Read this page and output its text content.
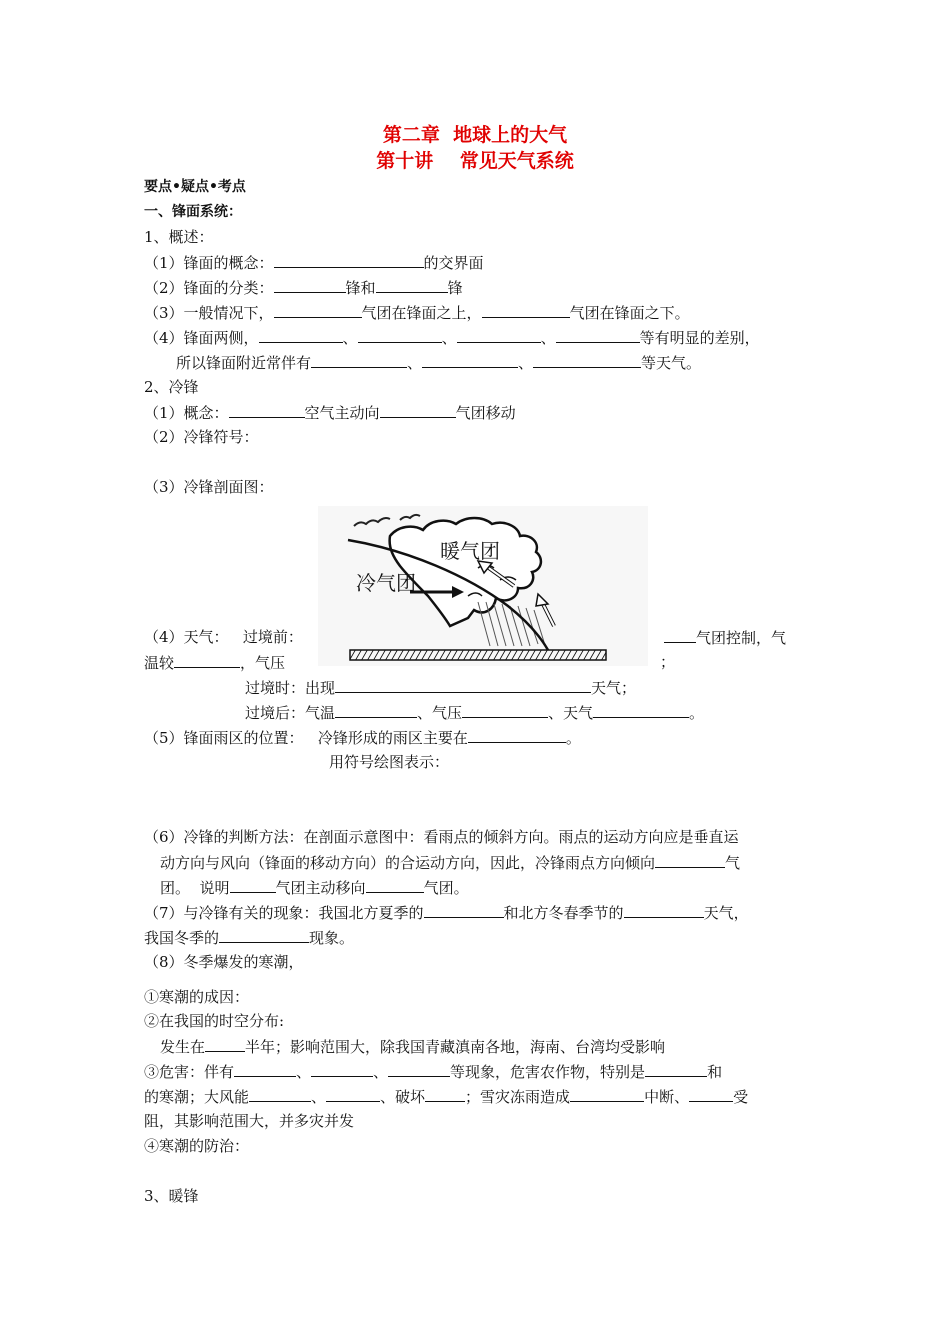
第二章  地球上的大气
第十讲    常见天气系统
要点•疑点•考点
一、锋面系统：
1、概述：
（1）锋面的概念：	的交界面
（2）锋面的分类：	锋和	锋
（3）一般情况下，	气团在锋面之上，	气团在锋面之下。
（4）锋面两侧，	、	、	、	等有明显的差别，
所以锋面附近常伴有	、	、	等天气。
2、冷锋
（1）概念：	空气主动向	气团移动
（2）冷锋符号：
（3）冷锋剖面图：
暖气团
冷气团
（4）天气：   过境前：	气团控制，气
温较	，气压	；
过境时：出现	天气；
过境后：气温	、气压	、天气	。
（5）锋面雨区的位置：   冷锋形成的雨区主要在	。
用符号绘图表示：
（6）冷锋的判断方法：在剖面示意图中：看雨点的倾斜方向。雨点的运动方向应是垂直运
动方向与风向（锋面的移动方向）的合运动方向，因此，冷锋雨点方向倾向	气
团。  说明	气团主动移向	气团。
（7）与冷锋有关的现象：我国北方夏季的	和北方冬春季节的	天气，
我国冬季的	现象。
（8）冬季爆发的寒潮，
①寒潮的成因：
②在我国的时空分布:
发生在	半年；影响范围大，除我国青藏滇南各地，海南、台湾均受影响
③危害：伴有	、	、	等现象，危害农作物，特别是	和
的寒潮；大风能	、	、破坏	；雪灾冻雨造成	中断、	受
阻，其影响范围大，并多灾并发
④寒潮的防治：
3、暖锋
